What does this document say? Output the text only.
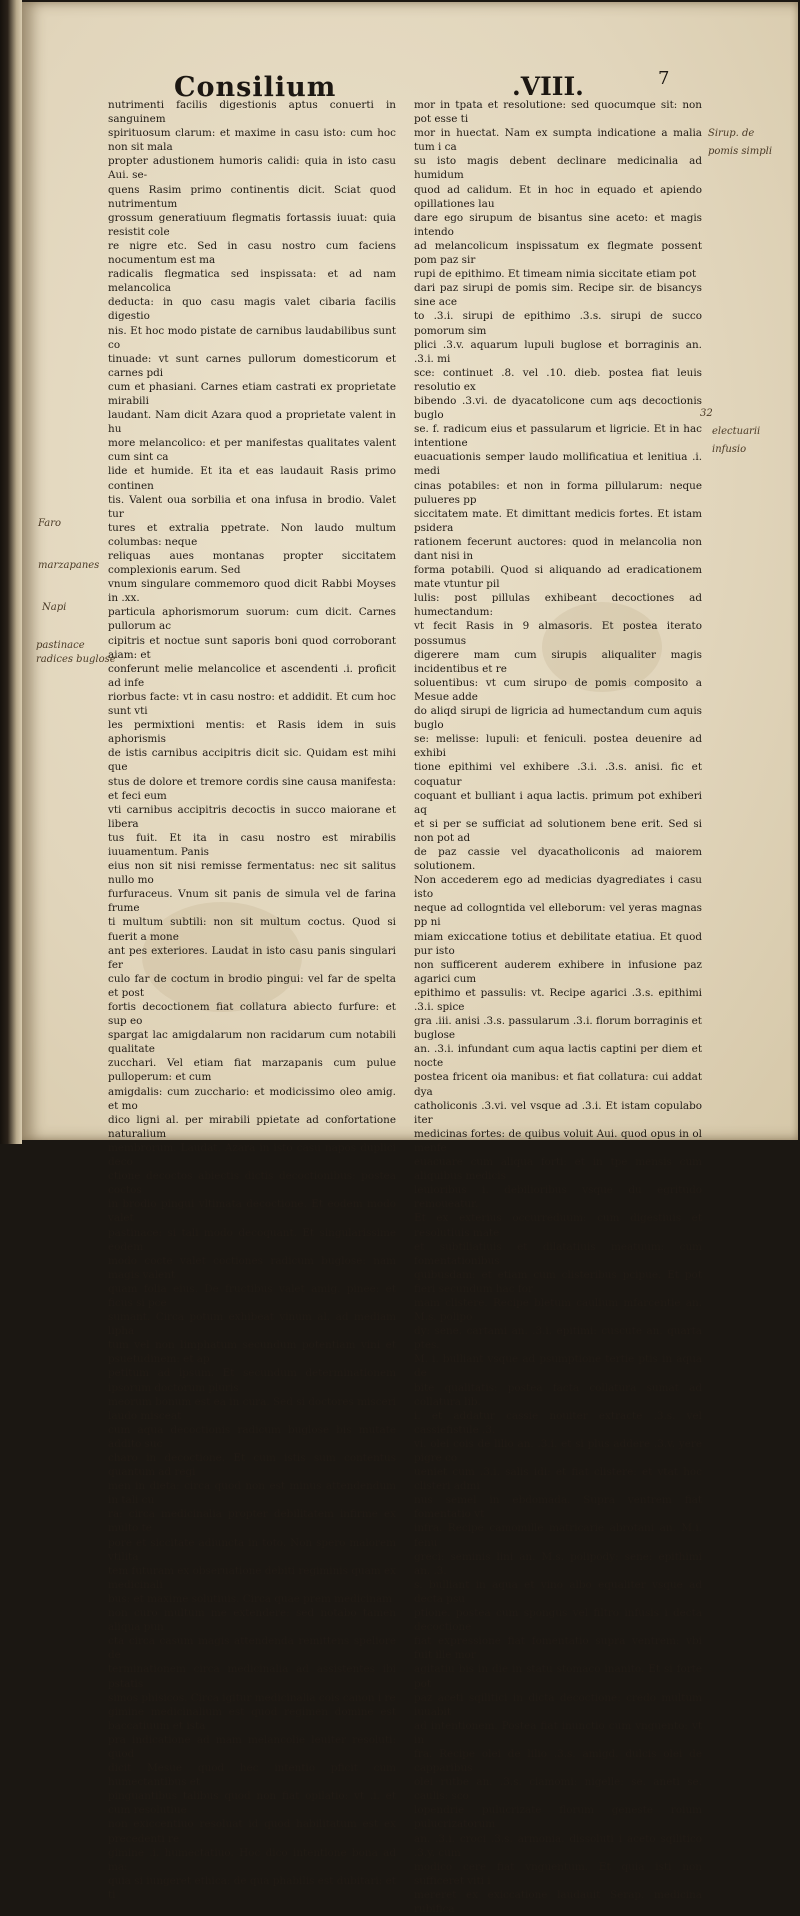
Consilium	.VIII.	7

nutrimenti facilis digestionis aptus conuerti in sanguinem

spirituosum clarum: et maxime in casu isto: cum hoc non sit mala

propter adustionem humoris calidi: quia in isto casu Aui. se-

quens Rasim primo continentis dicit. Sciat quod nutrimentum

grossum generatiuum flegmatis fortassis iuuat: quia resistit cole

re nigre etc. Sed in casu nostro cum faciens nocumentum est ma

radicalis flegmatica sed inspissata: et ad nam melancolica

deducta: in quo casu magis valet cibaria facilis digestio

nis. Et hoc modo pistate de carnibus laudabilibus sunt co

tinuade: vt sunt carnes pullorum domesticorum et carnes pdi

cum et phasiani. Carnes etiam castrati ex proprietate mirabili

laudant. Nam dicit Azara quod a proprietate valent in hu

more melancolico: et per manifestas qualitates valent cum sint ca

lide et humide. Et ita et eas laudauit Rasis primo continen

tis. Valent oua sorbilia et ona infusa in brodio. Valet tur

tures et extralia ppetrate. Non laudo multum columbas: neque

reliquas aues montanas propter siccitatem complexionis earum. Sed

vnum singulare commemoro quod dicit Rabbi Moyses in .xx.

particula aphorismorum suorum: cum dicit. Carnes pullorum ac

cipitris et noctue sunt saporis boni quod corroborant aiam: et

conferunt melie melancolice et ascendenti .i. proficit ad infe

riorbus facte: vt in casu nostro: et addidit. Et cum hoc sunt vti

les permixtioni mentis: et Rasis idem in suis aphorismis

de istis carnibus accipitris dicit sic. Quidam est mihi que

stus de dolore et tremore cordis sine causa manifesta: et feci eum

vti carnibus accipitris decoctis in succo maiorane et libera

tus fuit. Et ita in casu nostro est mirabilis iuuamentum. Panis

eius non sit nisi remisse fermentatus: nec sit salitus nullo mo

furfuraceus. Vnum sit panis de simula vel de farina frume

ti multum subtili: non sit multum coctus. Quod si fuerit a mone

ant pes exteriores. Laudat in isto casu panis singulari fer

culo far de coctum in brodio pingui: vel far de spelta et post

fortis decoctionem fiat collatura abiecto furfure: et sup eo

spargat lac amigdalarum non racidarum cum notabili qualitate

zucchari. Vel etiam fiat marzapanis cum pulue pulloperum: et cum

amigdalis: cum zucchario: et modicissimo oleo amig. et mo

dico ligni al. per mirabili ppietate ad confortatione naturalium

membrorum. Laudat. Azara in isto casu napos duplici deco

ctione decoctos abiectis dictis decoctionibus: postea coctos

in brodio pingui vltimata decoctione. Et eodem modo valet

pastinace: si tali modo decoquant. Et singularissime eodem

modo cocte valet coctiones radicum buglose: nam magis valent

quam folia eius. De fructibus valet amig. pinee: et ficus si pce

sumant. Circa potum exhibeat vinum al. ad mediam lipha

tum vel non limphatum secundum potentiam vini et psuetudinem: et ap

petitum ad ipsum. Et secundum determinationem ipsorum doctorum pluris

meorum bonum est ea in cura. Sed si doctores misceri laudo misceat

cum aqua decoctionis radicum buglose bis mutate addito suc

charo in decoctione. Et cum istis sum contentus quantum ad regi

men in dieta: circa quod non est minus attendendum in tali cu

ra: circa medicinalia propter debilitatem infirme ex multo te

pore et siccitate adiuncta in toto. Non spero maiorem vtilita

tem futuram ex obseruatione debiti regiminis quam ex medicinali

bus: et maxime solutiuis. Circa quae prem medicinam

non curo multum me extendere: sed notabo tamen aliqua pun

cta circa casum magis attendenda remittens speliore de

terminationem circa medicinalia ad assistentes ibi pstatis

simos phisicos. Circa igitur medicinalia cois canon i re

gimine medicinalium est quod regimen domine est baccatiuum et ista

pra indicatione ad mam melancolie leuiter resoluti: quod

dicit Mesue quod hec intentio pficit cum humectantibus et

pinguantibus talibus quod non fiat opilatio: vt .i. et cum resolutiue

non exiccentiuo resoluat id quod habilitatum est ex precedenti re

gimine .i. humectatiuo. Hoc dico intentione bona ad ma:

quia si iungeret ethica: de qua phabilis est dubitari: et ti

mor in tpata et resolutione: sed quocumque sit: non pot esse ti

mor in huectat. Nam ex sumpta indicatione a malia tum i ca

su isto magis debent declinare medicinalia ad humidum

quod ad calidum. Et in hoc in equado et apiendo opillationes lau

dare ego sirupum de bisantus sine aceto: et magis intendo

ad melancolicum inspissatum ex flegmate possent pom paz sir

rupi de epithimo. Et timeam nimia siccitate etiam pot

dari paz sirupi de pomis sim. Recipe sir. de bisancys sine ace

to .3.i. sirupi de epithimo .3.s. sirupi de succo pomorum sim

plici .3.v. aquarum lupuli buglose et borraginis an. .3.i. mi

sce: continuet .8. vel .10. dieb. postea fiat leuis resolutio ex

bibendo .3.vi. de dyacatolicone cum aqs decoctionis buglo

se. f. radicum eius et passularum et ligricie. Et in hac intentione

euacuationis semper laudo mollificatiua et lenitiua .i. medi

cinas potabiles: et non in forma pillularum: neque pulueres pp

siccitatem mate. Et dimittant medicis fortes. Et istam psidera

rationem fecerunt auctores: quod in melancolia non dant nisi in

forma potabili. Quod si aliquando ad eradicationem mate vtuntur pil

lulis: post pillulas exhibeant decoctiones ad humectandum:

vt fecit Rasis in 9 almasoris. Et postea iterato possumus

digerere mam cum sirupis aliqualiter magis incidentibus et re

soluentibus: vt cum sirupo de pomis composito a Mesue adde

do aliqd sirupi de ligricia ad humectandum cum aquis buglo

se: melisse: lupuli: et feniculi. postea deuenire ad exhibi

tione epithimi vel exhibere .3.i. .3.s. anisi. fic et coquatur

coquant et bulliant i aqua lactis. primum pot exhiberi aq

et si per se sufficiat ad solutionem bene erit. Sed si non pot ad

de paz cassie vel dyacatholiconis ad maiorem solutionem.

Non accederem ego ad medicias dyagrediates i casu isto

neque ad collogntida vel elleborum: vel yeras magnas pp ni

miam exiccatione totius et debilitate etatiua. Et quod pur isto

non sufficerent auderem exhibere in infusione paz agarici cum

epithimo et passulis: vt. Recipe agarici .3.s. epithimi .3.i. spice

gra .iii. anisi .3.s. passularum .3.i. florum borraginis et buglose

an. .3.i. infundant cum aqua lactis captini per diem et nocte

postea fricent oia manibus: et fiat collatura: cui addat dya

catholiconis .3.vi. vel vsque ad .3.i. Et istam copulabo iter

medicinas fortes: de quibus voluit Aui. quod opus in ol menfe

euacuare cum aliqua forti: et in tpe mensis cum aliquibus medicis

leuioribus i. debilioribus vsque du egritudo remoueatur.

Et ex exterius occurreduum: cum digestiuis et resolutiuis mate

et subtiliatiuis et dilatatiuis meatuum: cum fomentationibus

quibusdam: et etiam cum clisteribus pcipue. Et pot fieri secundum hac for

mam clistere. Recipe bletum caulium mfarcentie an. M.s. polipo

dy: sene. cartami an. .3.i. epitimi: cuscute an. quarta ptes.

M. i. bulliant vsque ad psumptione tertie ptis in aqua de

bite qualitatis: postea facta collatura sumat ad collatura lib.

i. et addatur cassie nouiter extracte .3.s. vel cassiefistule .3.

vi. olei cois de lilio an. .3.i. et si plus addere .3.v. yere pigre co

ueniet cum .3.i. salis idi: et fiat clistere: et vtat hoc clisteri admi

nus semel in ebdomada. Supra ventrem fiat fomentatio vt

infra. Recipe camomille matricarie abrotani an. M.i. fenu

greci: seminis lini an. M.s. polipody: sene: epithimi an. .3.

s. bulliant in aqua et vino albo equaliter vsque ad decta psu

ptione. postea cum spongus vel filtro infusis i decta decoctione

fiat expressione fiat fomentatio supra ventrem: vbi fuit ille mor

agitatiu bis in die in statu stomaco inanito. Et si forte pot

paz aceti sqilitici in dicta decoctione: credo multum iuuabit

ad intentionem. Postea fiat inunctio cum vnguento: vt in

fra. Recipe olei de lilio .3.s. amigd. dulcis olei de capparibus

olei rutbe an. .3.s. ciamomi: nigelle: se. aneti se. caulis: sco

lopendrie pulucrizate florum geneste roium pulucrizatorum

an. .3.i. croci .3.s. armonia. dissoluti i aceto sqilitico .3.y. cum

modico cere fiat vnguentum. Et quia isti non sufficeret viti i

mereret ex exiccatione laudauit Serap. medicina rubifica

Faro
marzapanes
Napi
pastinace
radices buglose
Sirup. de
pomis simpli
32
electuarii
infusio
